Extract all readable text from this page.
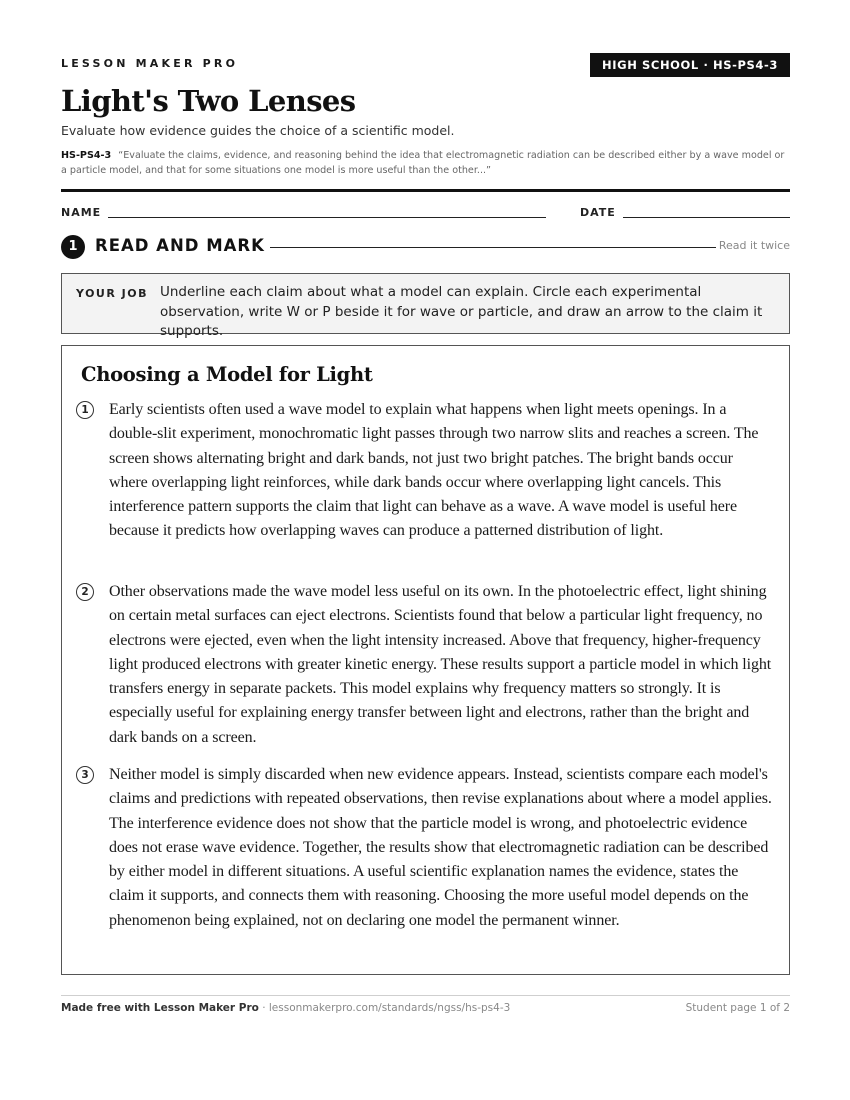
LESSON MAKER PRO	HIGH SCHOOL · HS-PS4-3
Light's Two Lenses
Evaluate how evidence guides the choice of a scientific model.
HS-PS4-3 “Evaluate the claims, evidence, and reasoning behind the idea that electromagnetic radiation can be described either by a wave model or a particle model, and that for some situations one model is more useful than the other...”
NAME	DATE
1	READ AND MARK	Read it twice
YOUR JOB Underline each claim about what a model can explain. Circle each experimental observation, write W or P beside it for wave or particle, and draw an arrow to the claim it supports.
Choosing a Model for Light
1	Early scientists often used a wave model to explain what happens when light meets openings. In a double-slit experiment, monochromatic light passes through two narrow slits and reaches a screen. The screen shows alternating bright and dark bands, not just two bright patches. The bright bands occur where overlapping light reinforces, while dark bands occur where overlapping light cancels. This interference pattern supports the claim that light can behave as a wave. A wave model is useful here because it predicts how overlapping waves can produce a patterned distribution of light.

2	Other observations made the wave model less useful on its own. In the photoelectric effect, light shining on certain metal surfaces can eject electrons. Scientists found that below a particular light frequency, no electrons were ejected, even when the light intensity increased. Above that frequency, higher-frequency light produced electrons with greater kinetic energy. These results support a particle model in which light transfers energy in separate packets. This model explains why frequency matters so strongly. It is especially useful for explaining energy transfer between light and electrons, rather than the bright and dark bands on a screen.

3	Neither model is simply discarded when new evidence appears. Instead, scientists compare each model's claims and predictions with repeated observations, then revise explanations about where a model applies. The interference evidence does not show that the particle model is wrong, and photoelectric evidence does not erase wave evidence. Together, the results show that electromagnetic radiation can be described by either model in different situations. A useful scientific explanation names the evidence, states the claim it supports, and connects them with reasoning. Choosing the more useful model depends on the phenomenon being explained, not on declaring one model the permanent winner.

Made free with Lesson Maker Pro · lessonmakerpro.com/standards/ngss/hs-ps4-3	Student page 1 of 2
